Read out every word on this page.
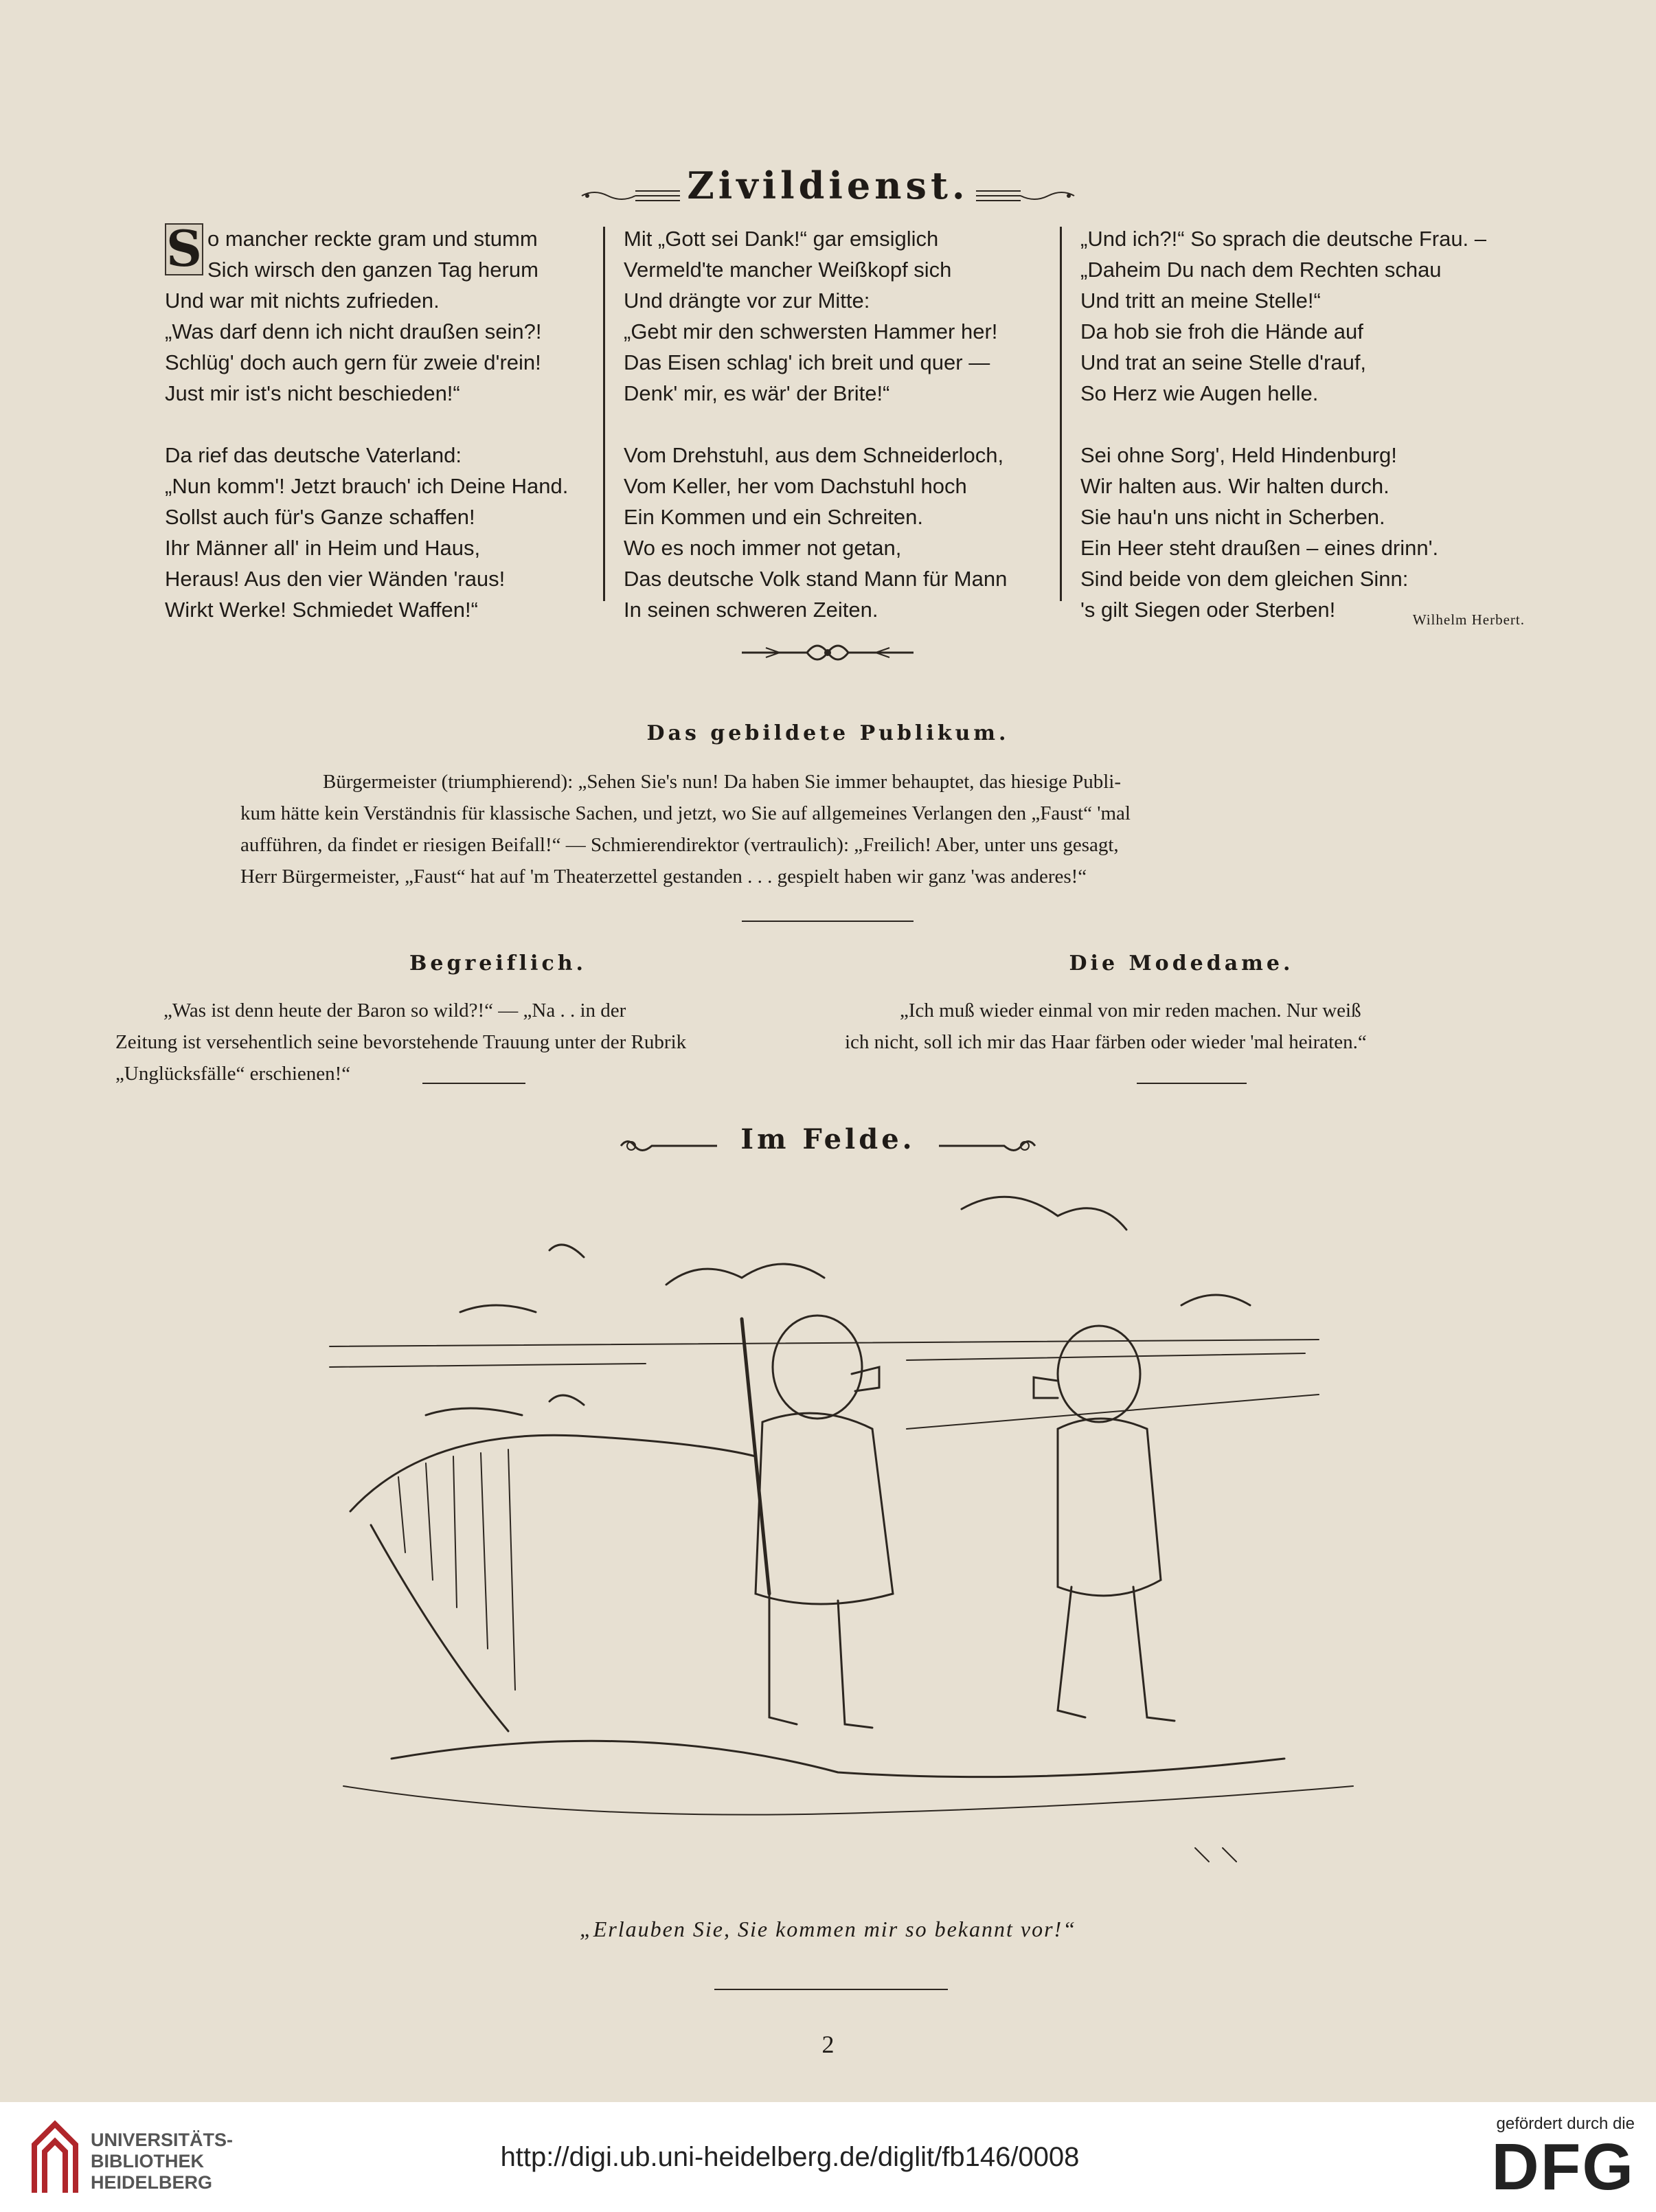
Zivildienst.
S o mancher reckte gram und stumm
Sich wirsch den ganzen Tag herum
Und war mit nichts zufrieden.
„Was darf denn ich nicht draußen sein?!
Schlüg' doch auch gern für zweie d'rein!
Just mir ist's nicht beschieden!“
Da rief das deutsche Vaterland:
„Nun komm'! Jetzt brauch' ich Deine Hand.
Sollst auch für's Ganze schaffen!
Ihr Männer all' in Heim und Haus,
Heraus! Aus den vier Wänden 'raus!
Wirkt Werke! Schmiedet Waffen!“
Mit „Gott sei Dank!“ gar emsiglich
Vermeld'te mancher Weißkopf sich
Und drängte vor zur Mitte:
„Gebt mir den schwersten Hammer her!
Das Eisen schlag' ich breit und quer —
Denk' mir, es wär' der Brite!“
Vom Drehstuhl, aus dem Schneiderloch,
Vom Keller, her vom Dachstuhl hoch
Ein Kommen und ein Schreiten.
Wo es noch immer not getan,
Das deutsche Volk stand Mann für Mann
In seinen schweren Zeiten.
„Und ich?!“ So sprach die deutsche Frau. –
„Daheim Du nach dem Rechten schau
Und tritt an meine Stelle!“
Da hob sie froh die Hände auf
Und trat an seine Stelle d'rauf,
So Herz wie Augen helle.
Sei ohne Sorg', Held Hindenburg!
Wir halten aus. Wir halten durch.
Sie hau'n uns nicht in Scherben.
Ein Heer steht draußen – eines drinn'.
Sind beide von dem gleichen Sinn:
's gilt Siegen oder Sterben!	Wilhelm Herbert.
Das gebildete Publikum.
Bürgermeister (triumphierend): „Sehen Sie's nun! Da haben Sie immer behauptet, das hiesige Publi-
kum hätte kein Verständnis für klassische Sachen, und jetzt, wo Sie auf allgemeines Verlangen den „Faust“ 'mal
aufführen, da findet er riesigen Beifall!“ — Schmierendirektor (vertraulich): „Freilich! Aber, unter uns gesagt,
Herr Bürgermeister, „Faust“ hat auf 'm Theaterzettel gestanden . . . gespielt haben wir ganz 'was anderes!“
Begreiflich.
„Was ist denn heute der Baron so wild?!“ — „Na . . in der
Zeitung ist versehentlich seine bevorstehende Trauung unter der Rubrik
„Unglücksfälle“ erschienen!“
Die Modedame.
„Ich muß wieder einmal von mir reden machen. Nur weiß
ich nicht, soll ich mir das Haar färben oder wieder 'mal heiraten.“
Im Felde.
„Erlauben Sie, Sie kommen mir so bekannt vor!“
2
UNIVERSITÄTS-
BIBLIOTHEK
HEIDELBERG
http://digi.ub.uni-heidelberg.de/diglit/fb146/0008
gefördert durch die
DFG
